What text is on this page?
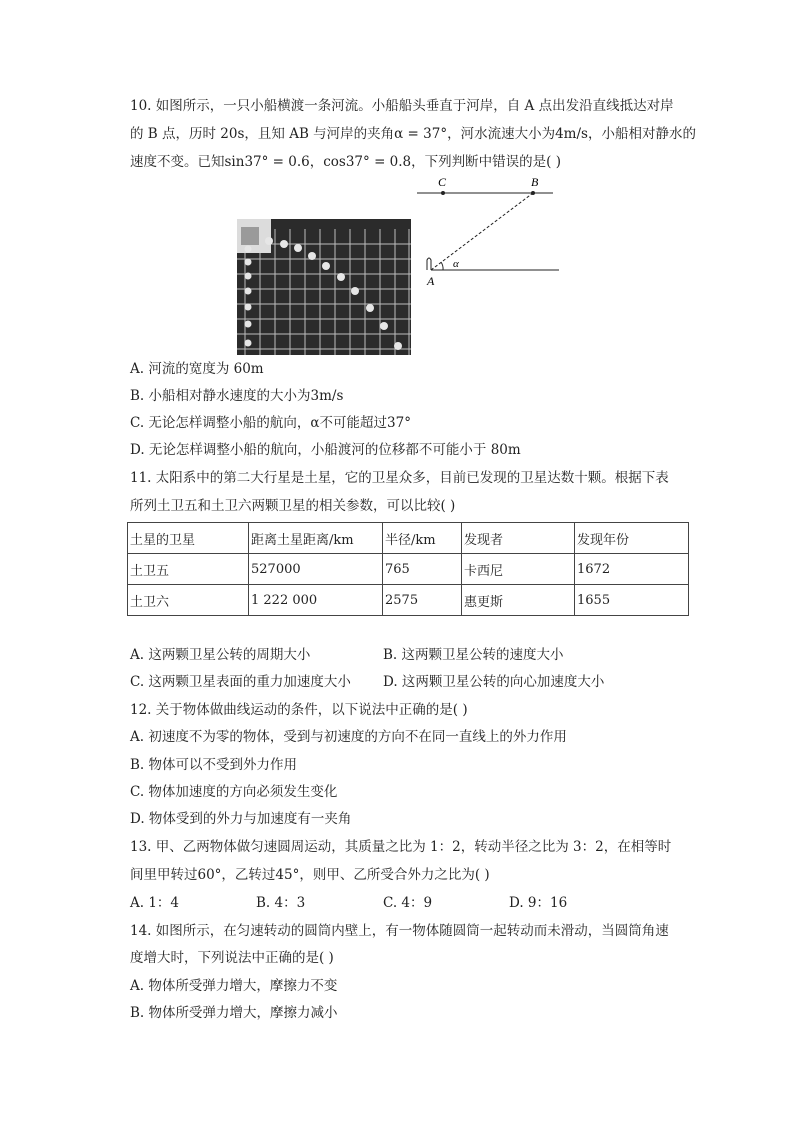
10. 如图所示，一只小船横渡一条河流。小船船头垂直于河岸，自 A 点出发沿直线抵达对岸
的 B 点，历时 20s，且知 AB 与河岸的夹角α = 37°，河水流速大小为4m/s，小船相对静水的
速度不变。已知sin37° = 0.6，cos37° = 0.8，下列判断中错误的是( )
C	B
A
α
A. 河流的宽度为 60m
B. 小船相对静水速度的大小为3m/s
C. 无论怎样调整小船的航向，α不可能超过37°
D. 无论怎样调整小船的航向，小船渡河的位移都不可能小于 80m
11. 太阳系中的第二大行星是土星，它的卫星众多，目前已发现的卫星达数十颗。根据下表
所列土卫五和土卫六两颗卫星的相关参数，可以比较( )
土星的卫星	距离土星距离/km	半径/km	发现者	发现年份
土卫五	527000	765	卡西尼	1672
土卫六	1 222 000	2575	惠更斯	1655
A. 这两颗卫星公转的周期大小	B. 这两颗卫星公转的速度大小
C. 这两颗卫星表面的重力加速度大小 D. 这两颗卫星公转的向心加速度大小
12. 关于物体做曲线运动的条件，以下说法中正确的是( )
A. 初速度不为零的物体，受到与初速度的方向不在同一直线上的外力作用
B. 物体可以不受到外力作用
C. 物体加速度的方向必须发生变化
D. 物体受到的外力与加速度有一夹角
13. 甲、乙两物体做匀速圆周运动，其质量之比为 1：2，转动半径之比为 3：2，在相等时
间里甲转过60°，乙转过45°，则甲、乙所受合外力之比为( )
A. 1：4	B. 4：3	C. 4：9	D. 9：16
14. 如图所示，在匀速转动的圆筒内壁上，有一物体随圆筒一起转动而未滑动，当圆筒角速
度增大时，下列说法中正确的是( )
A. 物体所受弹力增大，摩擦力不变
B. 物体所受弹力增大，摩擦力减小
